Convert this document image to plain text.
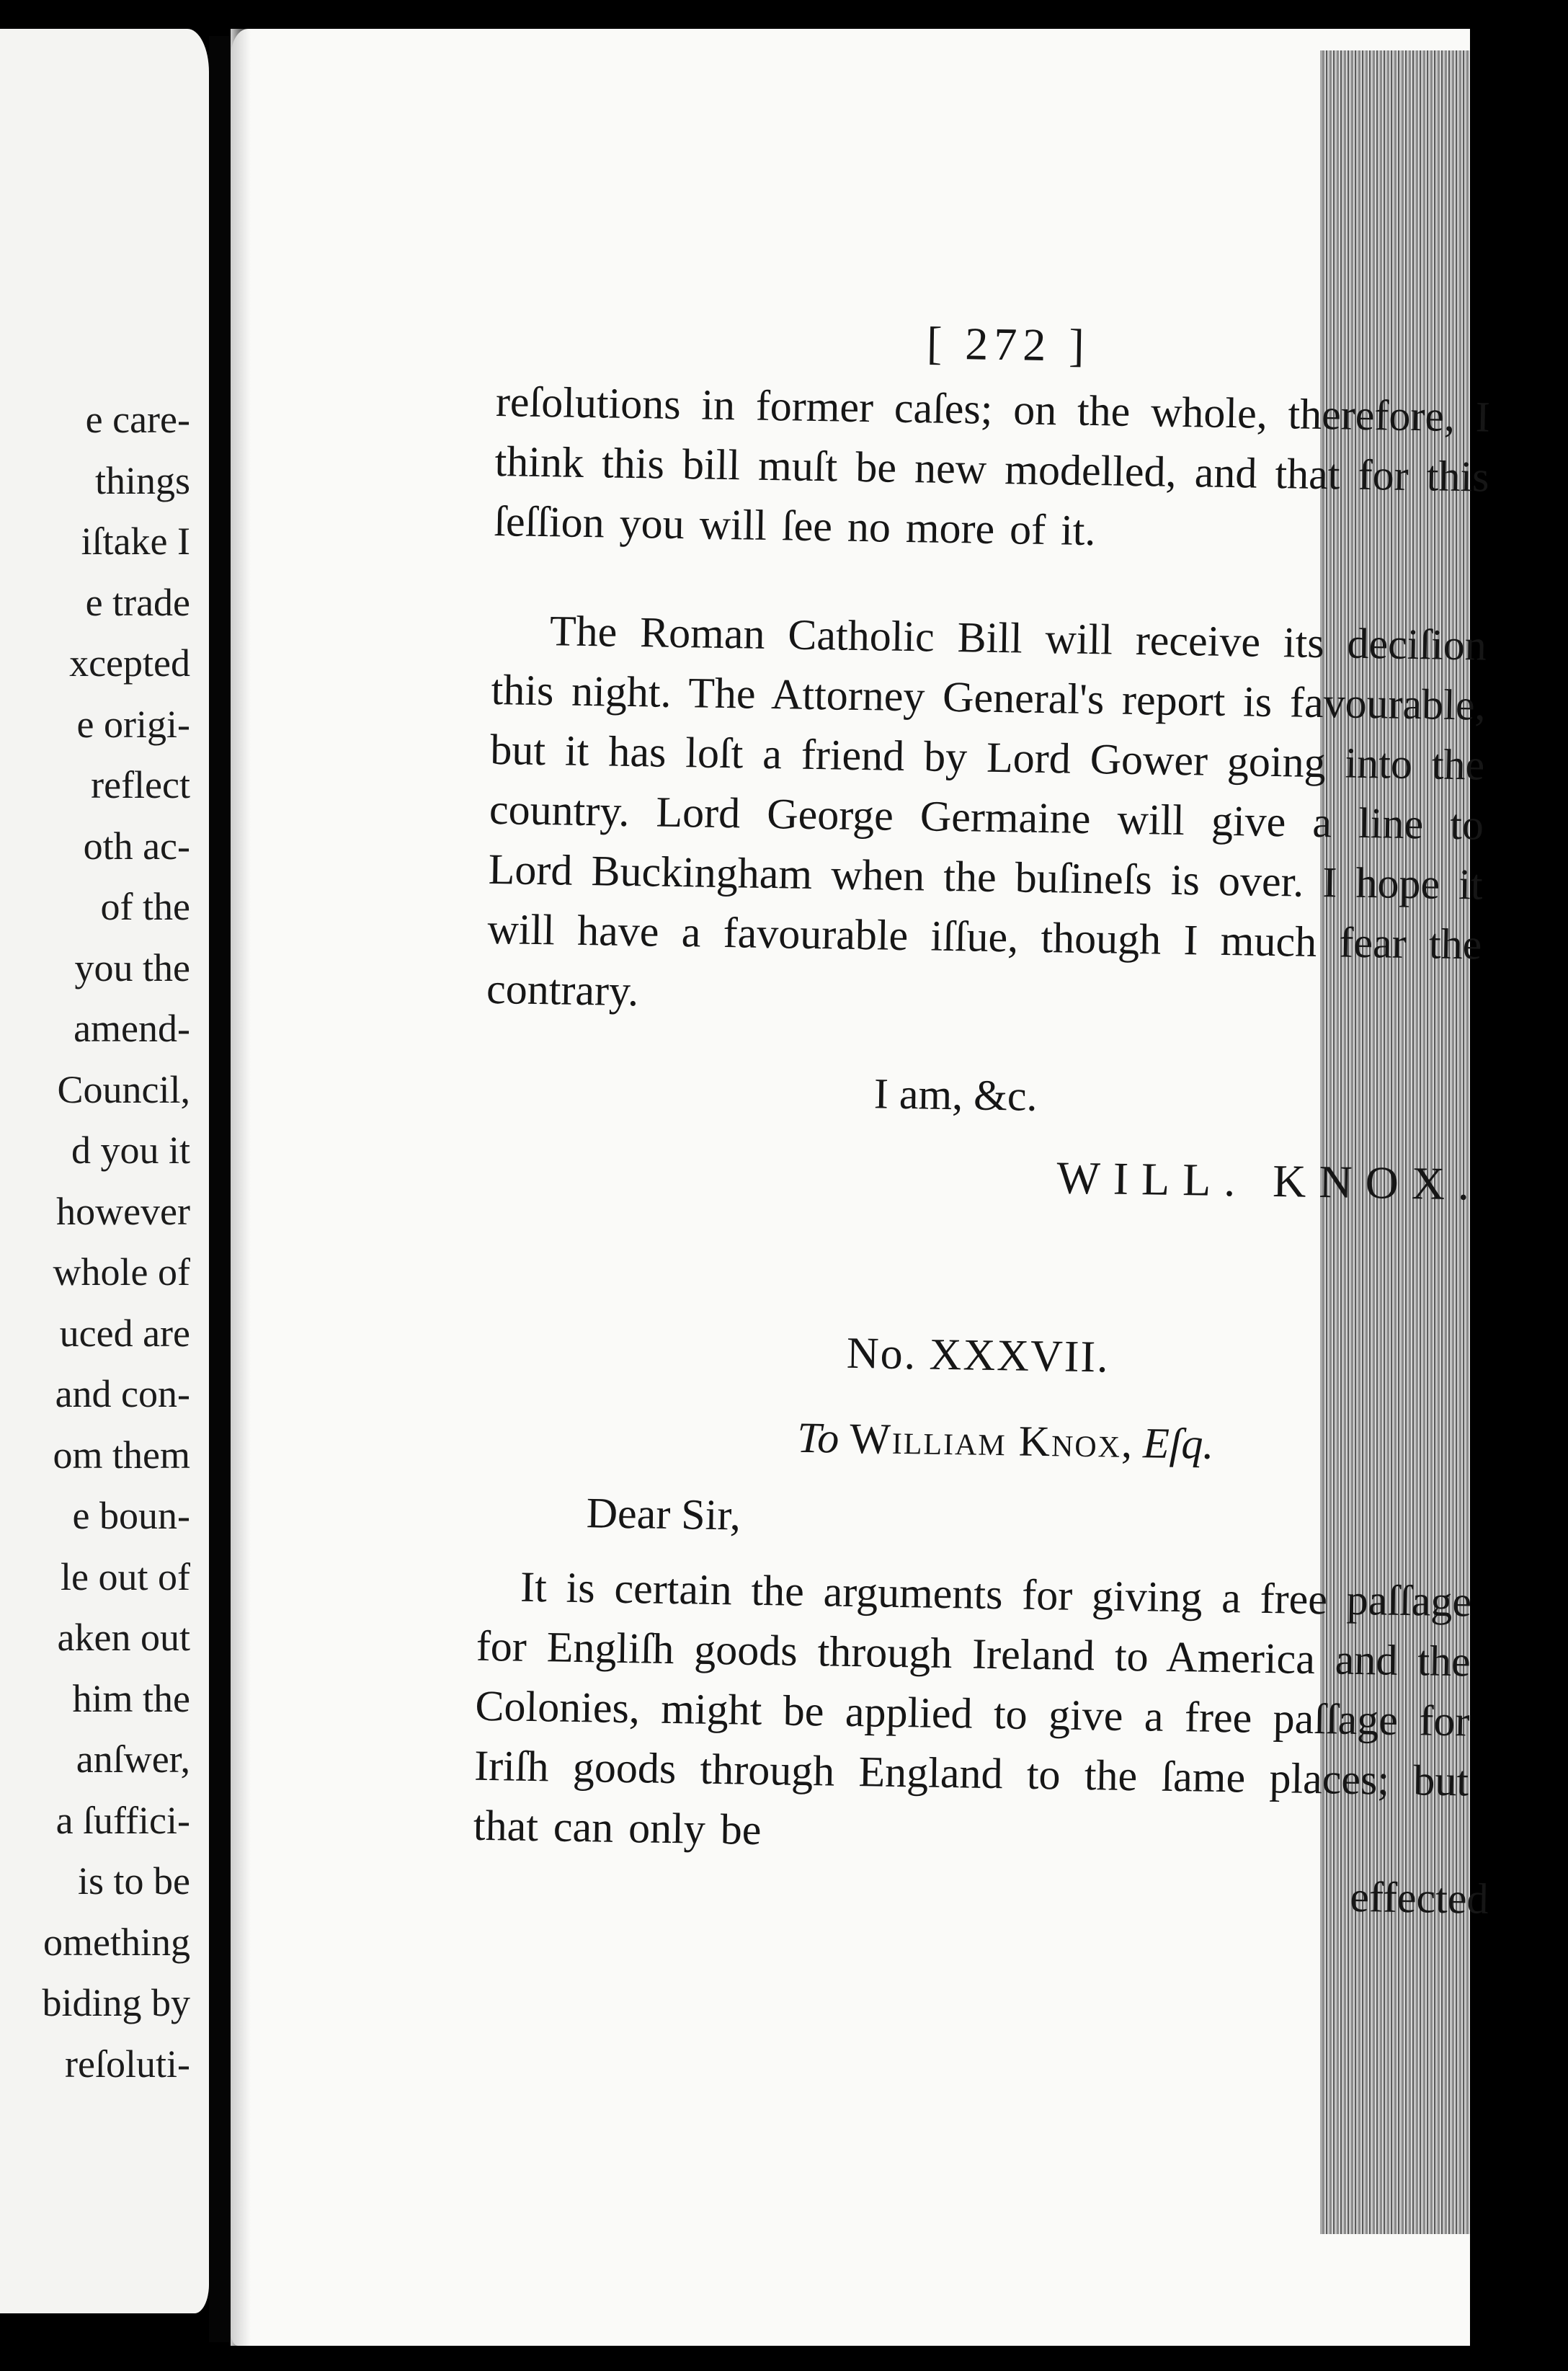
e care-
things
iſtake I
e trade
xcepted
e origi-
reflect
oth ac-
of the
you the
amend-
Council,
d you it
however
whole of
uced are
and con-
om them
e boun-
le out of
aken out
him the
anſwer,
a ſuffici-
is to be
omething
biding by
reſoluti-
[ 272 ]

reſolutions in former caſes; on the whole, therefore, I think this bill muſt be new modelled, and that for this ſeſſion you will ſee no more of it.

The Roman Catholic Bill will receive its deciſion this night. The Attorney General's report is favourable, but it has loſt a friend by Lord Gower going into the country. Lord George Germaine will give a line to Lord Buckingham when the buſineſs is over. I hope it will have a favourable iſſue, though I much fear the contrary.

I am, &c.
WILL. KNOX.
No. XXXVII.
To William Knox, Eſq.
Dear Sir,

It is certain the arguments for giving a free paſſage for Engliſh goods through Ireland to America and the Colonies, might be applied to give a free paſſage for Iriſh goods through England to the ſame places; but that can only be

effected
